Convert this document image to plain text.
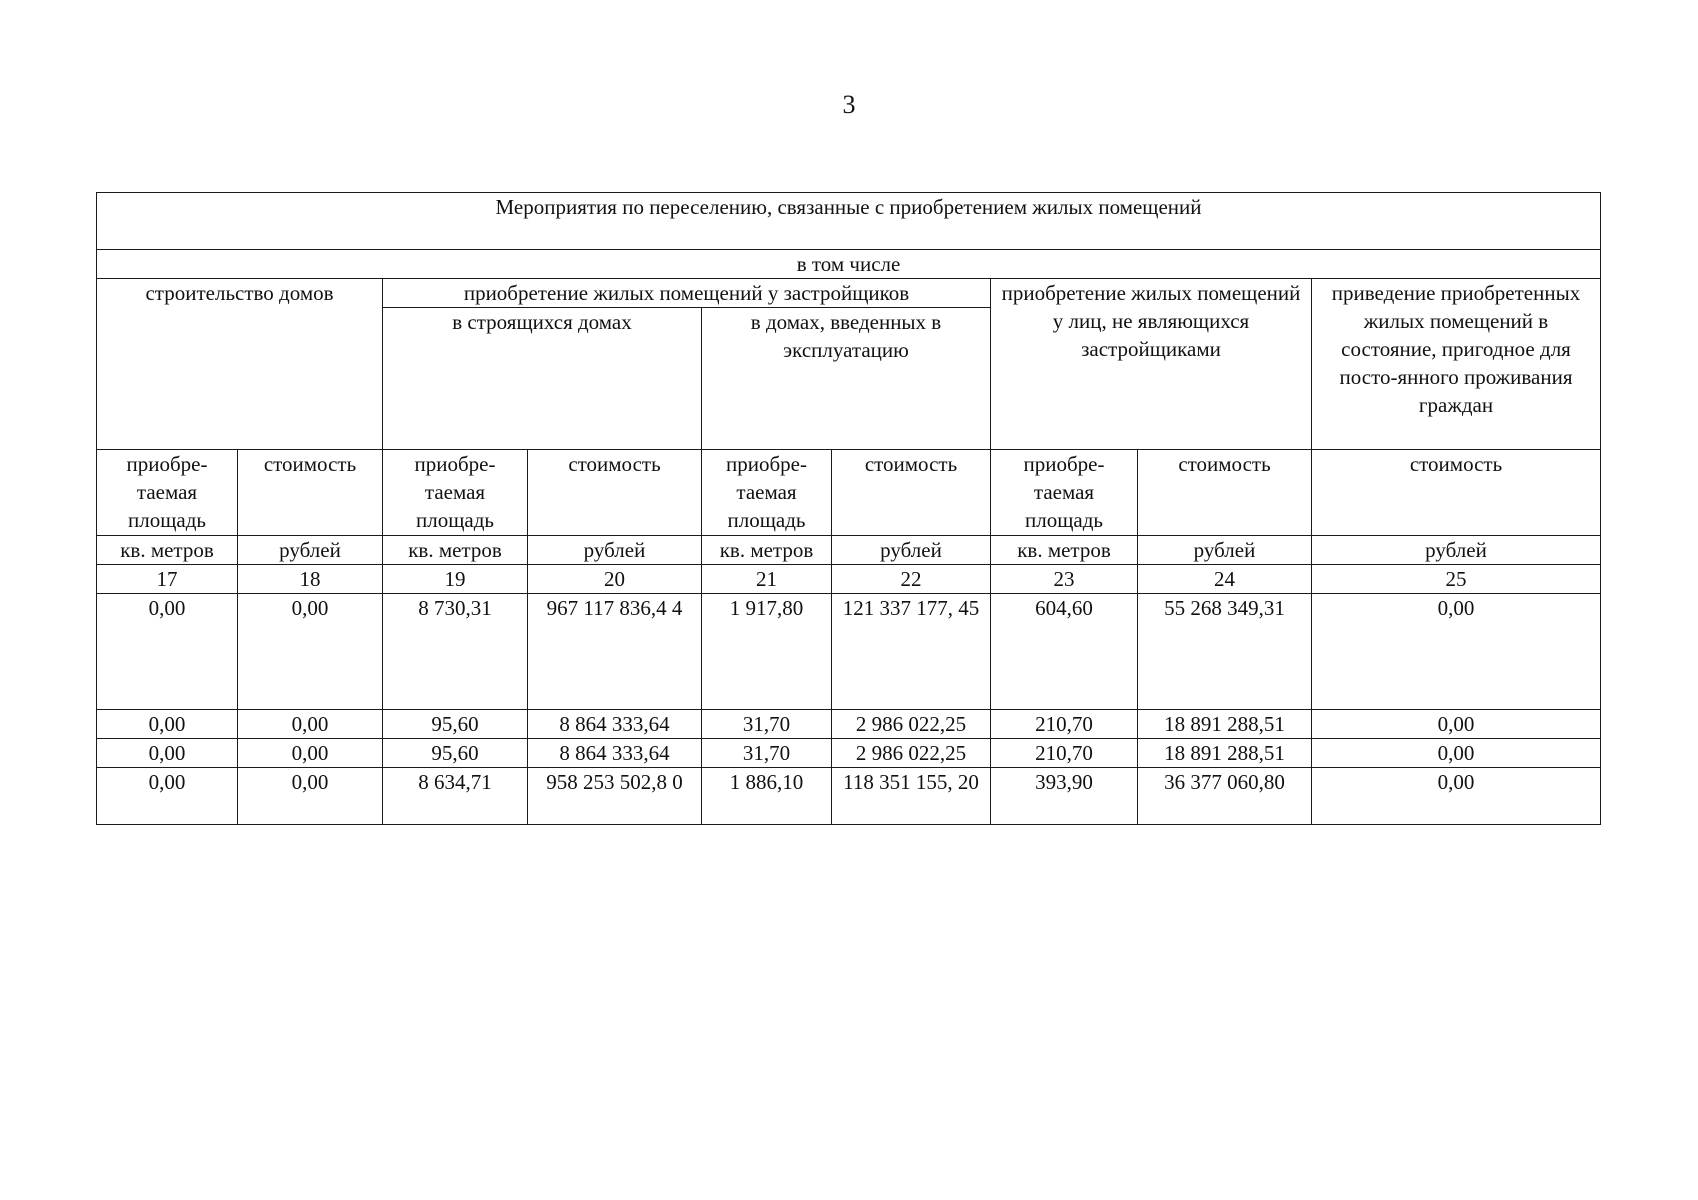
3
Мероприятия по переселению, связанные с приобретением жилых помещений								
в том числе								
строительство домов		приобретение жилых помещений у застройщиков				приобретение жилых помещений у лиц, не являющихся застройщиками		приведение приобретенных жилых помещений в состояние, пригодное для посто-янного проживания граждан
		в строящихся домах		в домах, введенных в эксплуатацию				
приобре-таемая площадь	стоимость	приобре-таемая площадь	стоимость	приобре-таемая площадь	стоимость	приобре-таемая площадь	стоимость	стоимость
кв. метров	рублей	кв. метров	рублей	кв. метров	рублей	кв. метров	рублей	рублей
17	18	19	20	21	22	23	24	25
0,00	0,00	8 730,31	967 117 836,4 4	1 917,80	121 337 177, 45	604,60	55 268 349,31	0,00
0,00	0,00	95,60	8 864 333,64	31,70	2 986 022,25	210,70	18 891 288,51	0,00
0,00	0,00	95,60	8 864 333,64	31,70	2 986 022,25	210,70	18 891 288,51	0,00
0,00	0,00	8 634,71	958 253 502,8 0	1 886,10	118 351 155, 20	393,90	36 377 060,80	0,00
